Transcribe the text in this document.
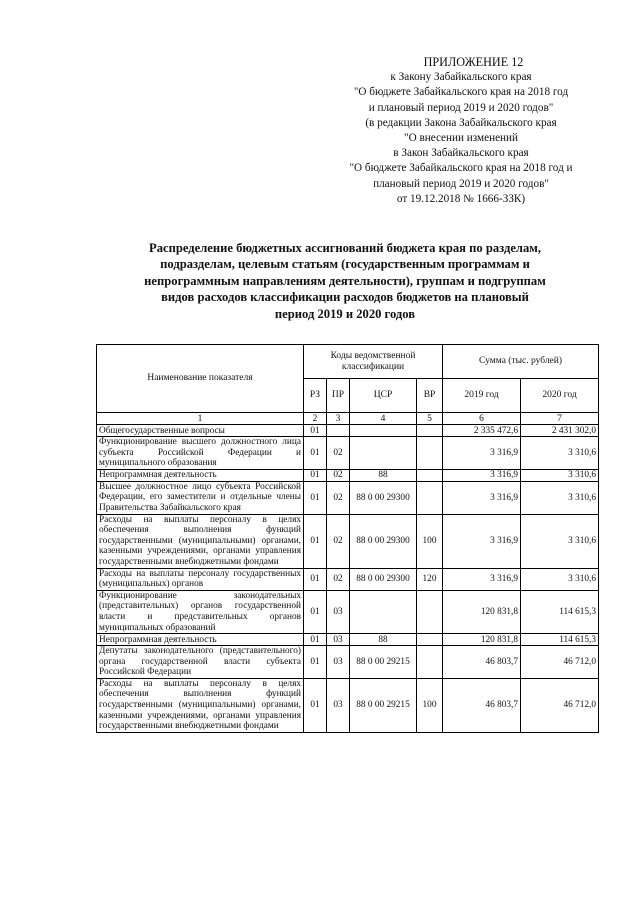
ПРИЛОЖЕНИЕ 12
к Закону Забайкальского края
"О бюджете Забайкальского края на 2018 год
и плановый период 2019 и 2020 годов"
(в редакции Закона Забайкальского края
"О внесении изменений
в Закон Забайкальского края
"О бюджете Забайкальского края на 2018 год и
плановый период 2019 и 2020 годов"
от 19.12.2018 № 1666-ЗЗК)
Распределение бюджетных ассигнований бюджета края по разделам,
подразделам, целевым статьям (государственным программам и
непрограммным направлениям деятельности), группам и подгруппам
видов расходов классификации расходов бюджетов на плановый
период 2019 и 2020 годов
Наименование показателя	Коды ведомственной классификации				Сумма (тыс. рублей)	
	РЗ	ПР	ЦСР	ВР	2019 год	2020 год
1	2	3	4	5	6	7
Общегосударственные вопросы	01				2 335 472,6	2 431 302,0
Функционирование высшего должностного лица субъекта Российской Федерации и муниципального образования	01	02			3 316,9	3 310,6
Непрограммная деятельность	01	02	88		3 316,9	3 310,6
Высшее должностное лицо субъекта Российской Федерации, его заместители и отдельные члены Правительства Забайкальского края	01	02	88 0 00 29300		3 316,9	3 310,6
Расходы на выплаты персоналу в целях обеспечения выполнения функций государственными (муниципальными) органами, казенными учреждениями, органами управления государственными внебюджетными фондами	01	02	88 0 00 29300	100	3 316,9	3 310,6
Расходы на выплаты персоналу государственных (муниципальных) органов	01	02	88 0 00 29300	120	3 316,9	3 310,6
Функционирование законодательных (представительных) органов государственной власти и представительных органов муниципальных образований	01	03			120 831,8	114 615,3
Непрограммная деятельность	01	03	88		120 831,8	114 615,3
Депутаты законодательного (представительного) органа государственной власти субъекта Российской Федерации	01	03	88 0 00 29215		46 803,7	46 712,0
Расходы на выплаты персоналу в целях обеспечения выполнения функций государственными (муниципальными) органами, казенными учреждениями, органами управления государственными внебюджетными фондами	01	03	88 0 00 29215	100	46 803,7	46 712,0
